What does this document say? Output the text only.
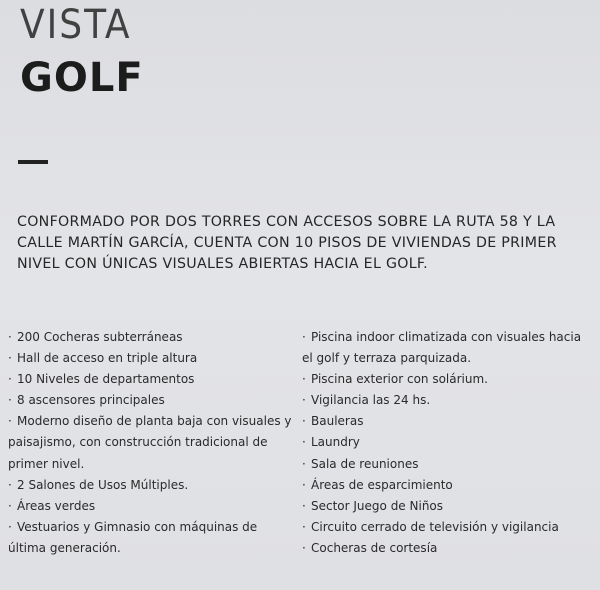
VISTA
GOLF
CONFORMADO POR DOS TORRES CON ACCESOS SOBRE LA RUTA 58 Y LA CALLE MARTÍN GARCÍA, CUENTA CON 10 PISOS DE VIVIENDAS DE PRIMER NIVEL CON ÚNICAS VISUALES ABIERTAS HACIA EL GOLF.
· 200 Cocheras subterráneas
· Hall de acceso en triple altura
· 10 Niveles de departamentos
· 8 ascensores principales
· Moderno diseño de planta baja con visuales y paisajismo, con construcción tradicional de primer nivel.
· 2 Salones de Usos Múltiples.
· Áreas verdes
· Vestuarios y Gimnasio con máquinas de última generación.
· Piscina indoor climatizada con visuales hacia el golf y terraza parquizada.
· Piscina exterior con solárium.
· Vigilancia las 24 hs.
· Bauleras
· Laundry
· Sala de reuniones
· Áreas de esparcimiento
· Sector Juego de Niños
· Circuito cerrado de televisión y vigilancia
· Cocheras de cortesía
